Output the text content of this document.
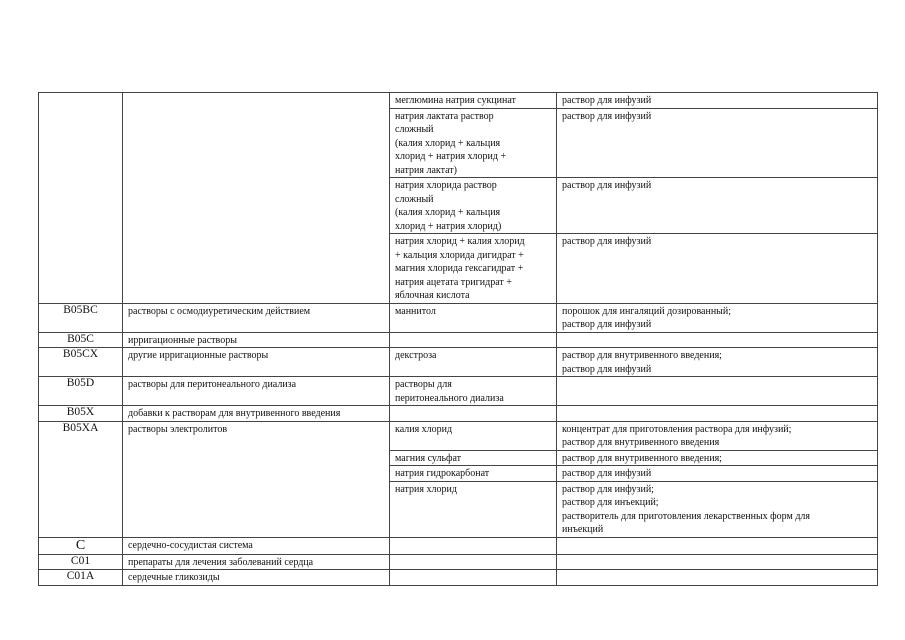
		меглюмина натрия сукцинат	раствор для инфузий
		натрия лактата раствор
сложный
(калия хлорид + кальция
хлорид + натрия хлорид +
натрия лактат)	раствор для инфузий
		натрия хлорида раствор
сложный
(калия хлорид + кальция
хлорид + натрия хлорид)	раствор для инфузий
		натрия хлорид + калия хлорид
+ кальция хлорида дигидрат +
магния хлорида гексагидрат +
натрия ацетата тригидрат +
яблочная кислота	раствор для инфузий
B05BC	растворы с осмодиуретическим действием	маннитол	порошок для ингаляций дозированный;
раствор для инфузий
B05C	ирригационные растворы		
B05CX	другие ирригационные растворы	декстроза	раствор для внутривенного введения;
раствор для инфузий
B05D	растворы для перитонеального диализа	растворы для
перитонеального диализа	
B05X	добавки к растворам для внутривенного введения		
B05XA	растворы электролитов	калия хлорид	концентрат для приготовления раствора для инфузий;
раствор для внутривенного введения
		магния сульфат	раствор для внутривенного введения;
		натрия гидрокарбонат	раствор для инфузий
		натрия хлорид	раствор для инфузий;
раствор для инъекций;
растворитель для приготовления лекарственных форм для
инъекций
C	сердечно-сосудистая система		
C01	препараты для лечения заболеваний сердца		
C01A	сердечные гликозиды		
